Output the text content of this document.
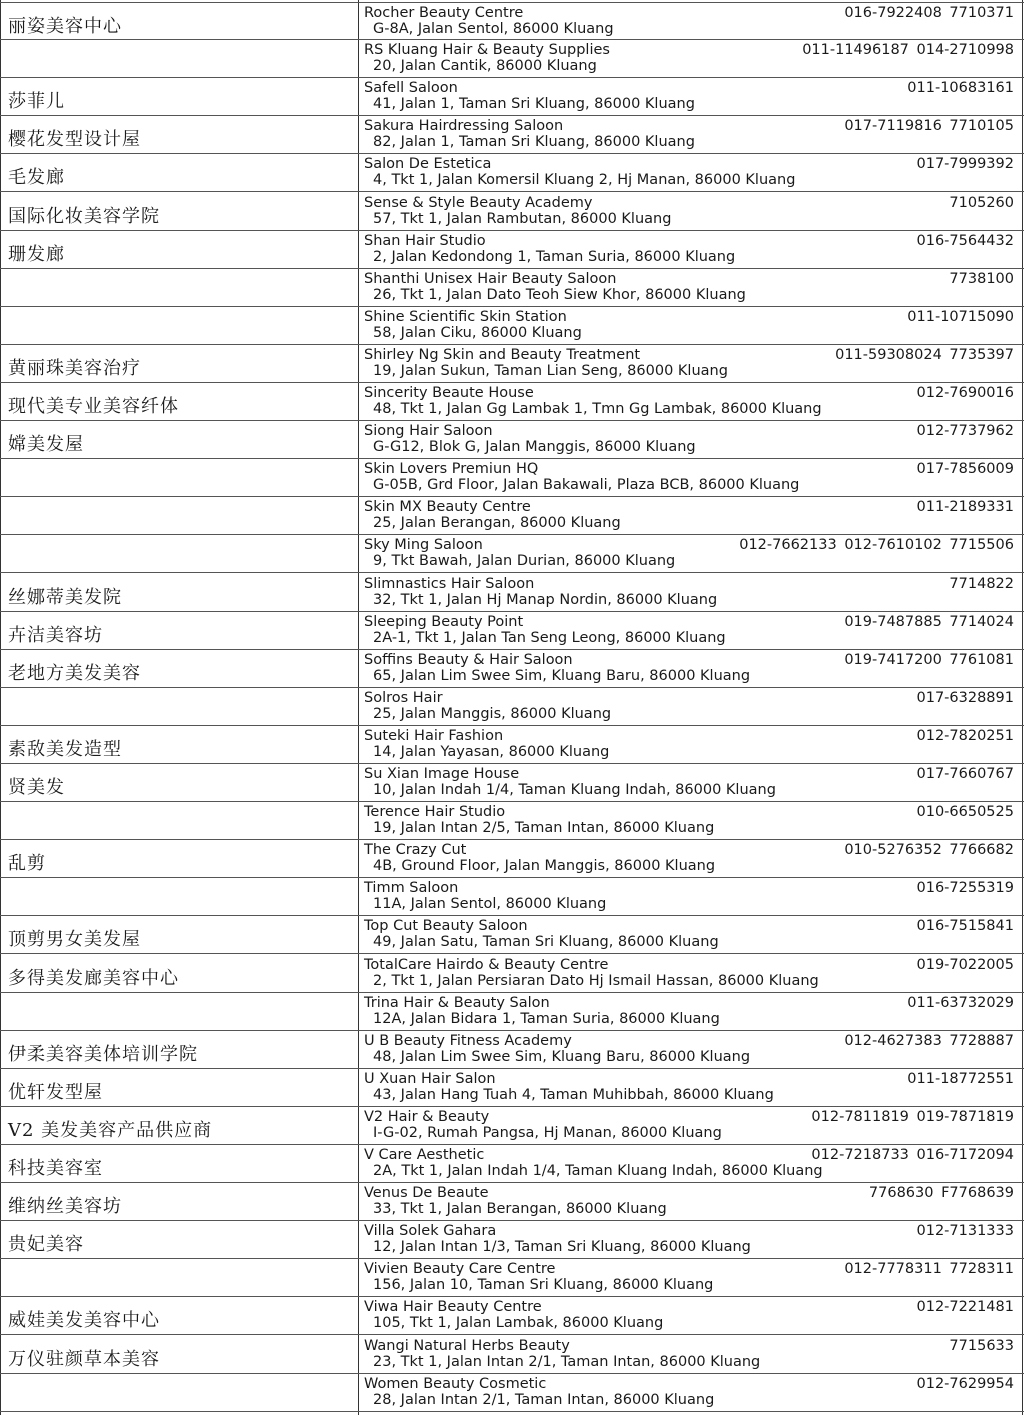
丽姿美容中心
Rocher Beauty Centre
G-8A, Jalan Sentol, 86000 Kluang
016-7922408 7710371
RS Kluang Hair & Beauty Supplies
20, Jalan Cantik, 86000 Kluang
011-11496187 014-2710998
莎菲儿
Safell Saloon
41, Jalan 1, Taman Sri Kluang, 86000 Kluang
011-10683161
樱花发型设计屋
Sakura Hairdressing Saloon
82, Jalan 1, Taman Sri Kluang, 86000 Kluang
017-7119816 7710105
毛发廊
Salon De Estetica
4, Tkt 1, Jalan Komersil Kluang 2, Hj Manan, 86000 Kluang
017-7999392
国际化妆美容学院
Sense & Style Beauty Academy
57, Tkt 1, Jalan Rambutan, 86000 Kluang
7105260
珊发廊
Shan Hair Studio
2, Jalan Kedondong 1, Taman Suria, 86000 Kluang
016-7564432
Shanthi Unisex Hair Beauty Saloon
26, Tkt 1, Jalan Dato Teoh Siew Khor, 86000 Kluang
7738100
Shine Scientific Skin Station
58, Jalan Ciku, 86000 Kluang
011-10715090
黄丽珠美容治疗
Shirley Ng Skin and Beauty Treatment
19, Jalan Sukun, Taman Lian Seng, 86000 Kluang
011-59308024 7735397
现代美专业美容纤体
Sincerity Beaute House
48, Tkt 1, Jalan Gg Lambak 1, Tmn Gg Lambak, 86000 Kluang
012-7690016
嫦美发屋
Siong Hair Saloon
G-G12, Blok G, Jalan Manggis, 86000 Kluang
012-7737962
Skin Lovers Premiun HQ
G-05B, Grd Floor, Jalan Bakawali, Plaza BCB, 86000 Kluang
017-7856009
Skin MX Beauty Centre
25, Jalan Berangan, 86000 Kluang
011-2189331
Sky Ming Saloon
9, Tkt Bawah, Jalan Durian, 86000 Kluang
012-7662133 012-7610102 7715506
丝娜蒂美发院
Slimnastics Hair Saloon
32, Tkt 1, Jalan Hj Manap Nordin, 86000 Kluang
7714822
卉洁美容坊
Sleeping Beauty Point
2A-1, Tkt 1, Jalan Tan Seng Leong, 86000 Kluang
019-7487885 7714024
老地方美发美容
Soffins Beauty & Hair Saloon
65, Jalan Lim Swee Sim, Kluang Baru, 86000 Kluang
019-7417200 7761081
Solros Hair
25, Jalan Manggis, 86000 Kluang
017-6328891
素敌美发造型
Suteki Hair Fashion
14, Jalan Yayasan, 86000 Kluang
012-7820251
贤美发
Su Xian Image House
10, Jalan Indah 1/4, Taman Kluang Indah, 86000 Kluang
017-7660767
Terence Hair Studio
19, Jalan Intan 2/5, Taman Intan, 86000 Kluang
010-6650525
乱剪
The Crazy Cut
4B, Ground Floor, Jalan Manggis, 86000 Kluang
010-5276352 7766682
Timm Saloon
11A, Jalan Sentol, 86000 Kluang
016-7255319
顶剪男女美发屋
Top Cut Beauty Saloon
49, Jalan Satu, Taman Sri Kluang, 86000 Kluang
016-7515841
多得美发廊美容中心
TotalCare Hairdo & Beauty Centre
2, Tkt 1, Jalan Persiaran Dato Hj Ismail Hassan, 86000 Kluang
019-7022005
Trina Hair & Beauty Salon
12A, Jalan Bidara 1, Taman Suria, 86000 Kluang
011-63732029
伊柔美容美体培训学院
U B Beauty Fitness Academy
48, Jalan Lim Swee Sim, Kluang Baru, 86000 Kluang
012-4627383 7728887
优轩发型屋
U Xuan Hair Salon
43, Jalan Hang Tuah 4, Taman Muhibbah, 86000 Kluang
011-18772551
V2 美发美容产品供应商
V2 Hair & Beauty
I-G-02, Rumah Pangsa, Hj Manan, 86000 Kluang
012-7811819 019-7871819
科技美容室
V Care Aesthetic
2A, Tkt 1, Jalan Indah 1/4, Taman Kluang Indah, 86000 Kluang
012-7218733 016-7172094
维纳丝美容坊
Venus De Beaute
33, Tkt 1, Jalan Berangan, 86000 Kluang
7768630 F7768639
贵妃美容
Villa Solek Gahara
12, Jalan Intan 1/3, Taman Sri Kluang, 86000 Kluang
012-7131333
Vivien Beauty Care Centre
156, Jalan 10, Taman Sri Kluang, 86000 Kluang
012-7778311 7728311
威娃美发美容中心
Viwa Hair Beauty Centre
105, Tkt 1, Jalan Lambak, 86000 Kluang
012-7221481
万仪驻颜草本美容
Wangi Natural Herbs Beauty
23, Tkt 1, Jalan Intan 2/1, Taman Intan, 86000 Kluang
7715633
Women Beauty Cosmetic
28, Jalan Intan 2/1, Taman Intan, 86000 Kluang
012-7629954
